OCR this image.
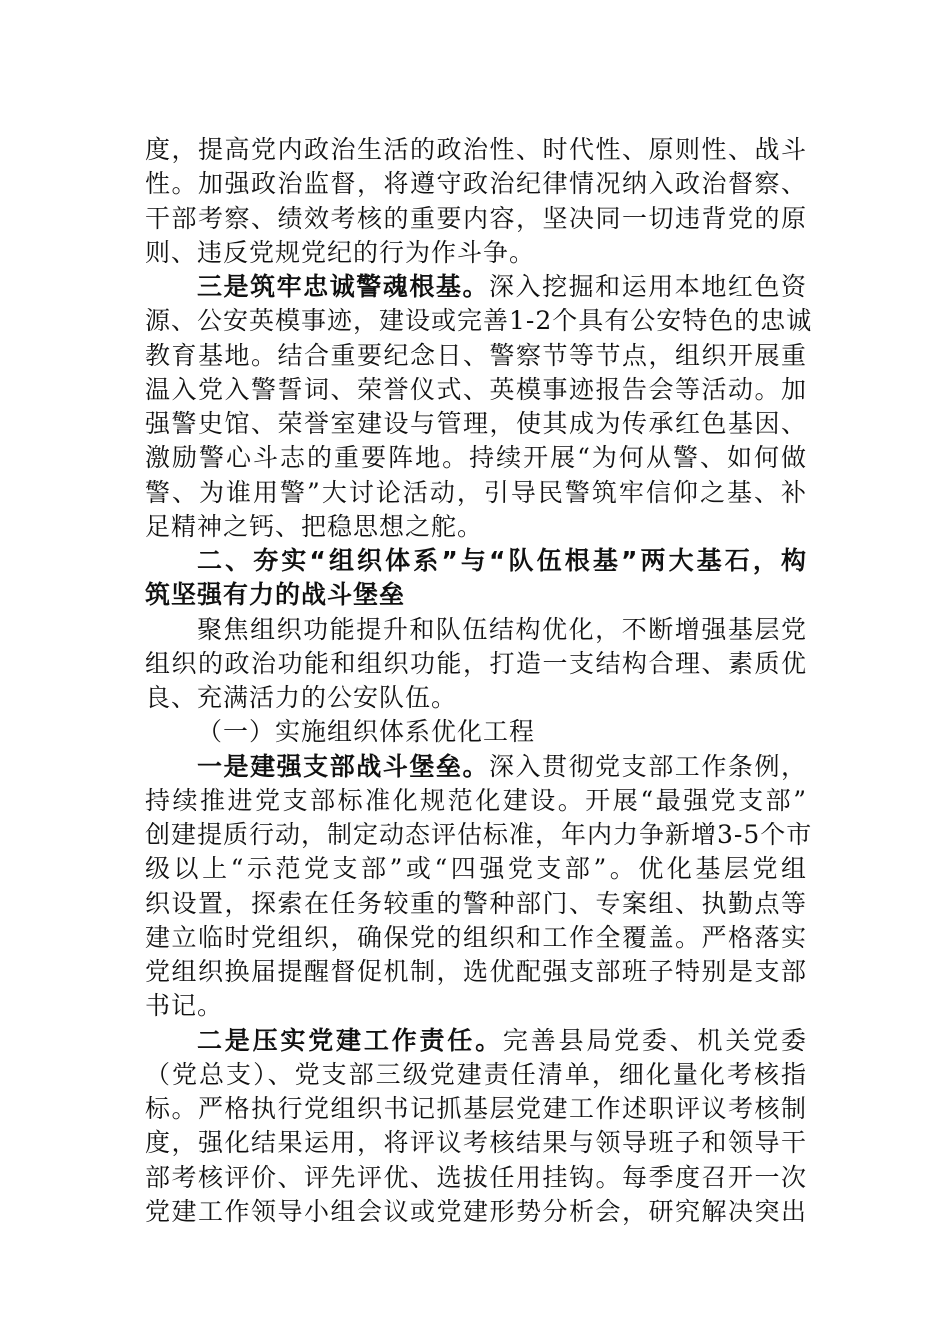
度，提高党内政治生活的政治性、时代性、原则性、战斗
性。加强政治监督，将遵守政治纪律情况纳入政治督察、
干部考察、绩效考核的重要内容，坚决同一切违背党的原
则、违反党规党纪的行为作斗争。
三是筑牢忠诚警魂根基。深入挖掘和运用本地红色资
源、公安英模事迹，建设或完善1-2个具有公安特色的忠诚
教育基地。结合重要纪念日、警察节等节点，组织开展重
温入党入警誓词、荣誉仪式、英模事迹报告会等活动。加
强警史馆、荣誉室建设与管理，使其成为传承红色基因、
激励警心斗志的重要阵地。持续开展“为何从警、如何做
警、为谁用警”大讨论活动，引导民警筑牢信仰之基、补
足精神之钙、把稳思想之舵。
二、夯实“组织体系”与“队伍根基”两大基石，构
筑坚强有力的战斗堡垒
聚焦组织功能提升和队伍结构优化，不断增强基层党
组织的政治功能和组织功能，打造一支结构合理、素质优
良、充满活力的公安队伍。
（一）实施组织体系优化工程
一是建强支部战斗堡垒。深入贯彻党支部工作条例，
持续推进党支部标准化规范化建设。开展“最强党支部”
创建提质行动，制定动态评估标准，年内力争新增3-5个市
级以上“示范党支部”或“四强党支部”。优化基层党组
织设置，探索在任务较重的警种部门、专案组、执勤点等
建立临时党组织，确保党的组织和工作全覆盖。严格落实
党组织换届提醒督促机制，选优配强支部班子特别是支部
书记。
二是压实党建工作责任。完善县局党委、机关党委
（党总支）、党支部三级党建责任清单，细化量化考核指
标。严格执行党组织书记抓基层党建工作述职评议考核制
度，强化结果运用，将评议考核结果与领导班子和领导干
部考核评价、评先评优、选拔任用挂钩。每季度召开一次
党建工作领导小组会议或党建形势分析会，研究解决突出
